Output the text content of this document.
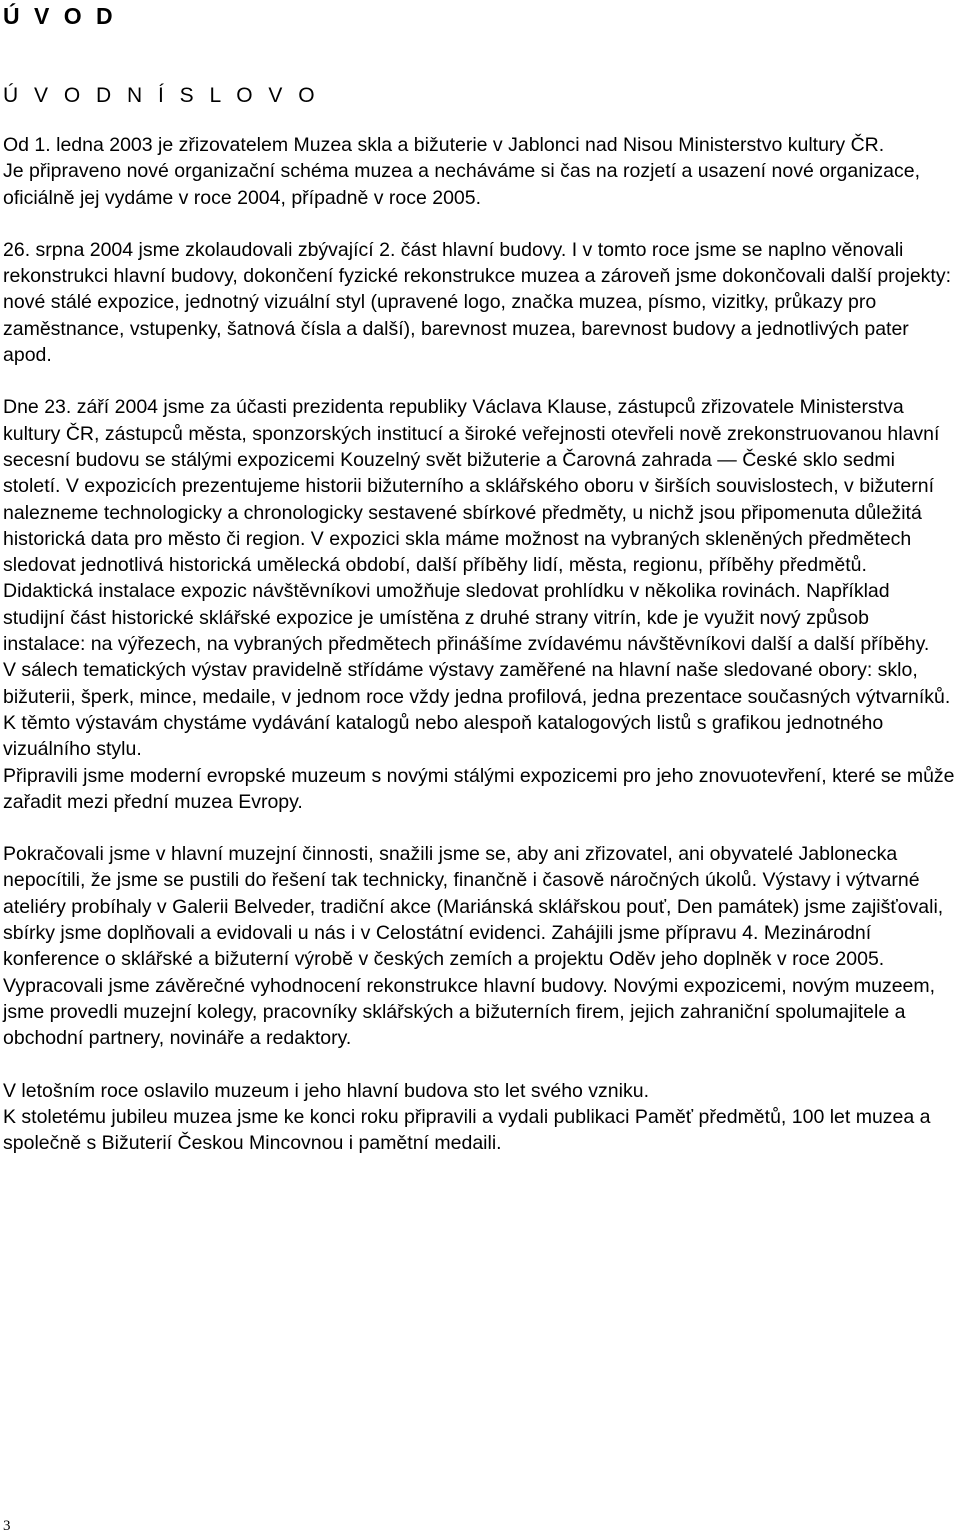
Ú V O D
Ú V O D N Í S L O V O

Od 1. ledna 2003 je zřizovatelem Muzea skla a bižuterie v Jablonci nad Nisou Ministerstvo kultury ČR.

Je připraveno nové organizační schéma muzea a necháváme si čas na rozjetí a usazení nové organizace, oficiálně jej vydáme v roce 2004, případně v roce 2005.

26. srpna 2004 jsme zkolaudovali zbývající 2. část hlavní budovy. I v tomto roce jsme se naplno věnovali rekonstrukci hlavní budovy, dokončení fyzické rekonstrukce muzea a zároveň jsme dokončovali další projekty: nové stálé expozice, jednotný vizuální styl (upravené logo, značka muzea, písmo, vizitky, průkazy pro zaměstnance, vstupenky, šatnová čísla a další), barevnost muzea, barevnost budovy a jednotlivých pater apod.

Dne 23. září 2004 jsme za účasti prezidenta republiky Václava Klause, zástupců zřizovatele Ministerstva kultury ČR, zástupců města, sponzorských institucí a široké veřejnosti otevřeli nově zrekonstruovanou hlavní secesní budovu se stálými expozicemi Kouzelný svět bižuterie a Čarovná zahrada — České sklo sedmi století. V expozicích prezentujeme historii bižuterního a sklářského oboru v širších souvislostech, v bižuterní nalezneme technologicky a chronologicky sestavené sbírkové předměty, u nichž jsou připomenuta důležitá historická data pro město či region. V expozici skla máme možnost na vybraných skleněných předmětech sledovat jednotlivá historická umělecká období, další příběhy lidí, města, regionu, příběhy předmětů. Didaktická instalace expozic návštěvníkovi umožňuje sledovat prohlídku v několika rovinách. Například studijní část historické sklářské expozice je umístěna z druhé strany vitrín, kde je využit nový způsob instalace: na výřezech, na vybraných předmětech přinášíme zvídavému návštěvníkovi další a další příběhy.

V sálech tematických výstav pravidelně střídáme výstavy zaměřené na hlavní naše sledované obory: sklo, bižuterii, šperk, mince, medaile, v jednom roce vždy jedna profilová, jedna prezentace současných výtvarníků. K těmto výstavám chystáme vydávání katalogů nebo alespoň katalogových listů s grafikou jednotného vizuálního stylu.

Připravili jsme moderní evropské muzeum s novými stálými expozicemi pro jeho znovuotevření, které se může zařadit mezi přední muzea Evropy.

Pokračovali jsme v hlavní muzejní činnosti, snažili jsme se, aby ani zřizovatel, ani obyvatelé Jablonecka nepocítili, že jsme se pustili do řešení tak technicky, finančně i časově náročných úkolů. Výstavy i výtvarné ateliéry probíhaly v Galerii Belveder, tradiční akce (Mariánská sklářskou pouť, Den památek) jsme zajišťovali, sbírky jsme doplňovali a evidovali u nás i v Celostátní evidenci. Zahájili jsme přípravu 4. Mezinárodní konference o sklářské a bižuterní výrobě v českých zemích a projektu Oděv jeho doplněk v roce 2005.

Vypracovali jsme závěrečné vyhodnocení rekonstrukce hlavní budovy. Novými expozicemi, novým muzeem, jsme provedli muzejní kolegy, pracovníky sklářských a bižuterních firem, jejich zahraniční spolumajitele a obchodní partnery, novináře a redaktory.

V letošním roce oslavilo muzeum i jeho hlavní budova sto let svého vzniku.

K stoletému jubileu muzea jsme ke konci roku připravili a vydali publikaci Paměť předmětů, 100 let muzea a společně s Bižuterií Českou Mincovnou i pamětní medaili.

3
